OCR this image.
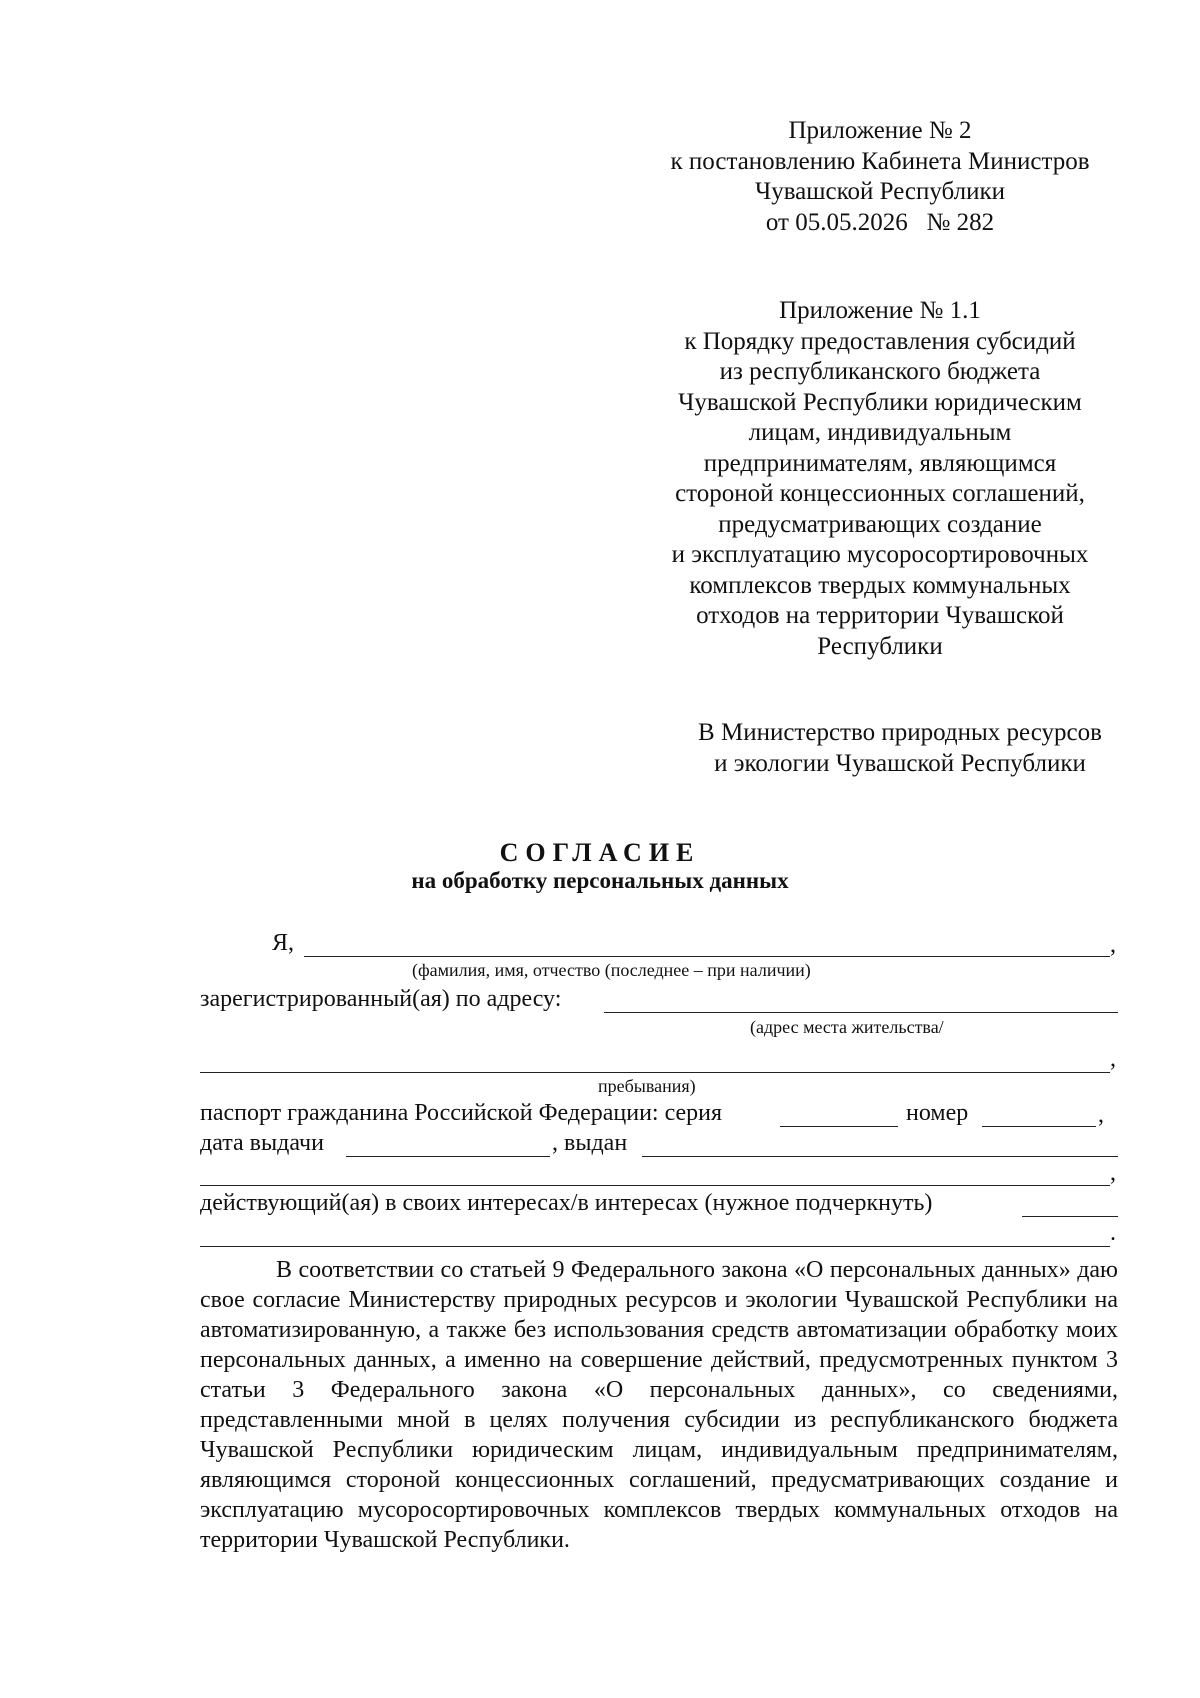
Приложение № 2
к постановлению Кабинета Министров
Чувашской Республики
от 05.05.2026   № 282
Приложение № 1.1
к Порядку предоставления субсидий
из республиканского бюджета
Чувашской Республики юридическим
лицам, индивидуальным
предпринимателям, являющимся
стороной концессионных соглашений,
предусматривающих создание
и эксплуатацию мусоросортировочных
комплексов твердых коммунальных
отходов на территории Чувашской
Республики
В Министерство природных ресурсов
и экологии Чувашской Республики
СОГЛАСИЕ
на обработку персональных данных
Я,	,
(фамилия, имя, отчество (последнее – при наличии)
зарегистрированный(ая) по адресу:
(адрес места жительства/
,
пребывания)
паспорт гражданина Российской Федерации: серия	номер	,
дата выдачи	, выдан
,
действующий(ая) в своих интересах/в интересах (нужное подчеркнуть)
.
В соответствии со статьей 9 Федерального закона «О персональных данных» даю свое согласие Министерству природных ресурсов и экологии Чувашской Республики на автоматизированную, а также без использования средств автоматизации обработку моих персональных данных, а именно на совершение действий, предусмотренных пунктом 3 статьи 3 Федерального закона «О персональных данных», со сведениями, представленными мной в целях получения субсидии из республиканского бюджета Чувашской Республики юридическим лицам, индивидуальным предпринимателям, являющимся стороной концессионных соглашений, предусматривающих создание и эксплуатацию мусоросортировочных комплексов твердых коммунальных отходов на территории Чувашской Республики.
